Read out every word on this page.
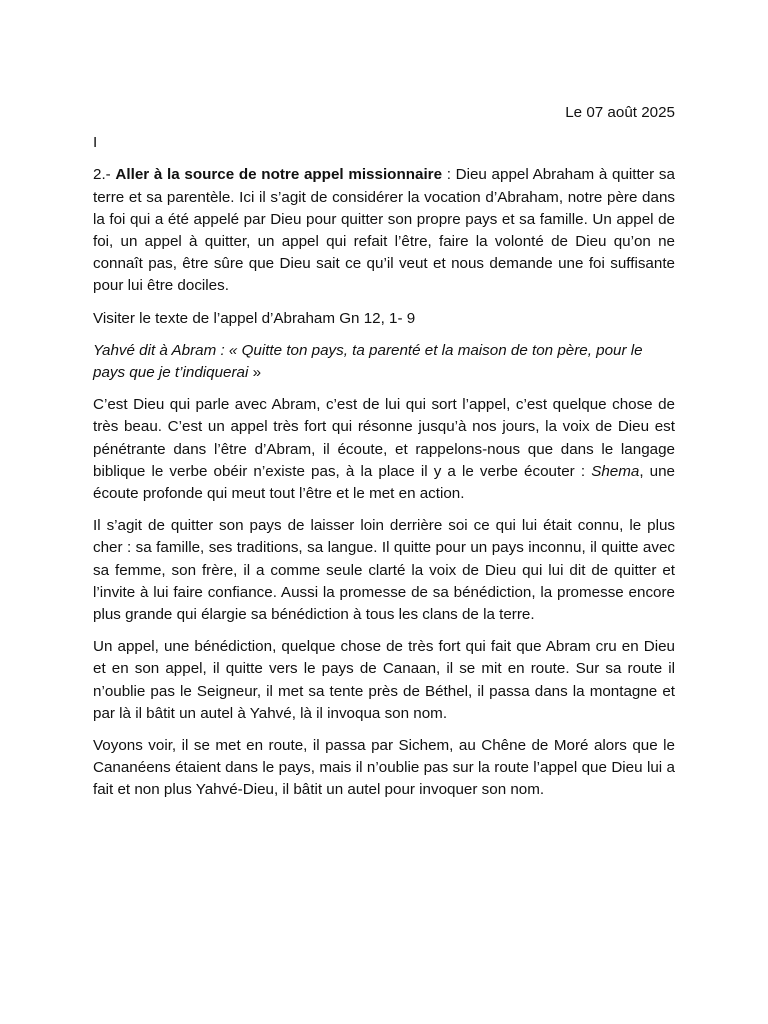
Le 07 août 2025

I

2.- Aller à la source de notre appel missionnaire : Dieu appel Abraham à quitter sa terre et sa parentèle. Ici il s’agit de considérer la vocation d’Abraham, notre père dans la foi qui a été appelé par Dieu pour quitter son propre pays et sa famille. Un appel de foi, un appel à quitter, un appel qui refait l’être, faire la volonté de Dieu qu’on ne connaît pas, être sûre que Dieu sait ce qu’il veut et nous demande une foi suffisante pour lui être dociles.

Visiter le texte de l’appel d’Abraham Gn 12, 1- 9

Yahvé dit à Abram : « Quitte ton pays, ta parenté et la maison de ton père, pour le pays que je t’indiquerai »

C’est Dieu qui parle avec Abram, c’est de lui qui sort l’appel, c’est quelque chose de très beau. C’est un appel très fort qui résonne jusqu’à nos jours, la voix de Dieu est pénétrante dans l’être d’Abram, il écoute, et rappelons-nous que dans le langage biblique le verbe obéir n’existe pas, à la place il y a le verbe écouter : Shema, une écoute profonde qui meut tout l’être et le met en action.

Il s’agit de quitter son pays de laisser loin derrière soi ce qui lui était connu, le plus cher : sa famille, ses traditions, sa langue. Il quitte pour un pays inconnu, il quitte avec sa femme, son frère, il a comme seule clarté la voix de Dieu qui lui dit de quitter et l’invite à lui faire confiance. Aussi la promesse de sa bénédiction, la promesse encore plus grande qui élargie sa bénédiction à tous les clans de la terre.

Un appel, une bénédiction, quelque chose de très fort qui fait que Abram cru en Dieu et en son appel, il quitte vers le pays de Canaan, il se mit en route. Sur sa route il n’oublie pas le Seigneur, il met sa tente près de Béthel, il passa dans la montagne et par là il bâtit un autel à Yahvé, là il invoqua son nom.

Voyons voir, il se met en route, il passa par Sichem, au Chêne de Moré alors que le Cananéens étaient dans le pays, mais il n’oublie pas sur la route l’appel que Dieu lui a fait et non plus Yahvé-Dieu, il bâtit un autel pour invoquer son nom.
